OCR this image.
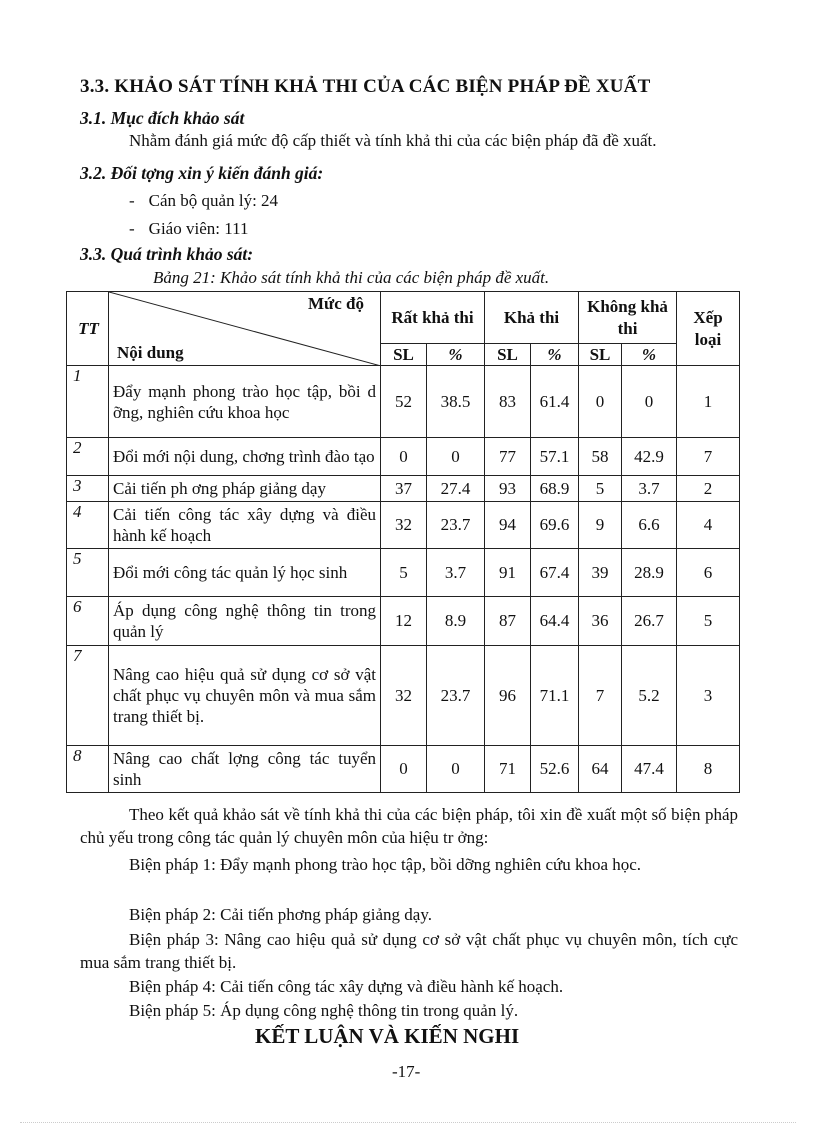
3.3. KHẢO SÁT TÍNH KHẢ THI CỦA CÁC BIỆN PHÁP ĐỀ XUẤT
3.1. Mục đích khảo sát
Nhằm đánh giá mức độ cấp thiết và tính khả thi của các biện pháp đã đề xuất.
3.2. Đối tợng xin ý kiến đánh giá:
- Cán bộ quản lý: 24
- Giáo viên: 111
3.3. Quá trình khảo sát:
Bảng 21: Khảo sát tính khả thi của các biện pháp đề xuất.
TT	Mức độ
Nội dung	Rất khả thi		Khả thi		Không khả thi		Xếp loại
		SL	%	SL	%	SL	%	
1	Đẩy mạnh phong trào học tập, bồi d ỡng, nghiên cứu khoa học	52	38.5	83	61.4	0	0	1
2	Đổi mới nội dung, chơng trình đào tạo	0	0	77	57.1	58	42.9	7
3	Cải tiến ph ơng pháp giảng dạy	37	27.4	93	68.9	5	3.7	2
4	Cải tiến công tác xây dựng và điều hành kế hoạch	32	23.7	94	69.6	9	6.6	4
5	Đổi mới công tác quản lý học sinh	5	3.7	91	67.4	39	28.9	6
6	Áp dụng công nghệ thông tin trong quản lý	12	8.9	87	64.4	36	26.7	5
7	Nâng cao hiệu quả sử dụng cơ sở vật chất phục vụ chuyên môn và mua sắm trang thiết bị.	32	23.7	96	71.1	7	5.2	3
8	Nâng cao chất lợng công tác tuyển sinh	0	0	71	52.6	64	47.4	8
Theo kết quả khảo sát về tính khả thi của các biện pháp, tôi xin đề xuất một số biện pháp chủ yếu trong công tác quản lý chuyên môn của hiệu tr ởng:
Biện pháp 1: Đẩy mạnh phong trào học tập, bồi dỡng nghiên cứu khoa học.
Biện pháp 2: Cải tiến phơng pháp giảng dạy.
Biện pháp 3: Nâng cao hiệu quả sử dụng cơ sở vật chất phục vụ chuyên môn, tích cực mua sắm trang thiết bị.
Biện pháp 4: Cải tiến công tác xây dựng và điều hành kế hoạch.
Biện pháp 5: Áp dụng công nghệ thông tin trong quản lý.
KẾT LUẬN VÀ KIẾN NGHI
-17-
